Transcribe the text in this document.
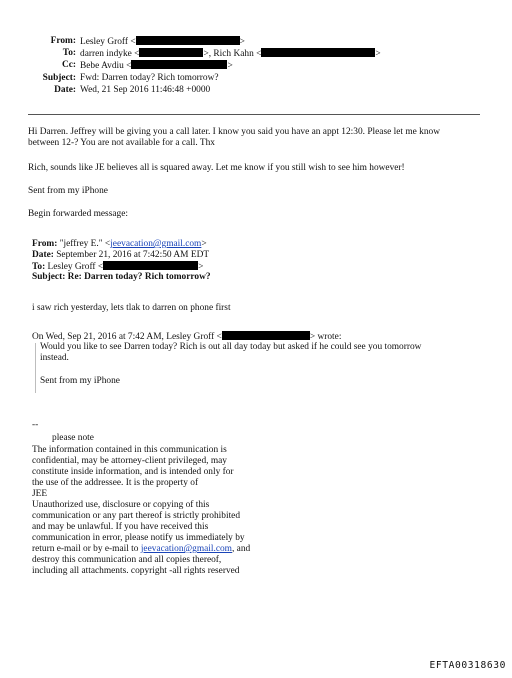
From: Lesley Groff <	>
To: darren indyke <	>, Rich Kahn <	>
Cc: Bebe Avdiu <	>
Subject: Fwd: Darren today? Rich tomorrow?
Date: Wed, 21 Sep 2016 11:46:48 +0000
Hi Darren. Jeffrey will be giving you a call later. I know you said you have an appt 12:30. Please let me know
between 12-? You are not available for a call. Thx
Rich, sounds like JE believes all is squared away. Let me know if you still wish to see him however!
Sent from my iPhone
Begin forwarded message:
From: "jeffrey E." <jeevacation@gmail.com>
Date: September 21, 2016 at 7:42:50 AM EDT
To: Lesley Groff <	>
Subject: Re: Darren today? Rich tomorrow?
i saw rich yesterday, lets tlak to darren on phone first
On Wed, Sep 21, 2016 at 7:42 AM, Lesley Groff <	> wrote:
Would you like to see Darren today? Rich is out all day today but asked if he could see you tomorrow
instead.
Sent from my iPhone
--
please note
The information contained in this communication is
confidential, may be attorney-client privileged, may
constitute inside information, and is intended only for
the use of the addressee. It is the property of
JEE
Unauthorized use, disclosure or copying of this
communication or any part thereof is strictly prohibited
and may be unlawful. If you have received this
communication in error, please notify us immediately by
return e-mail or by e-mail to jeevacation@gmail.com, and
destroy this communication and all copies thereof,
including all attachments. copyright -all rights reserved
EFTA00318630
